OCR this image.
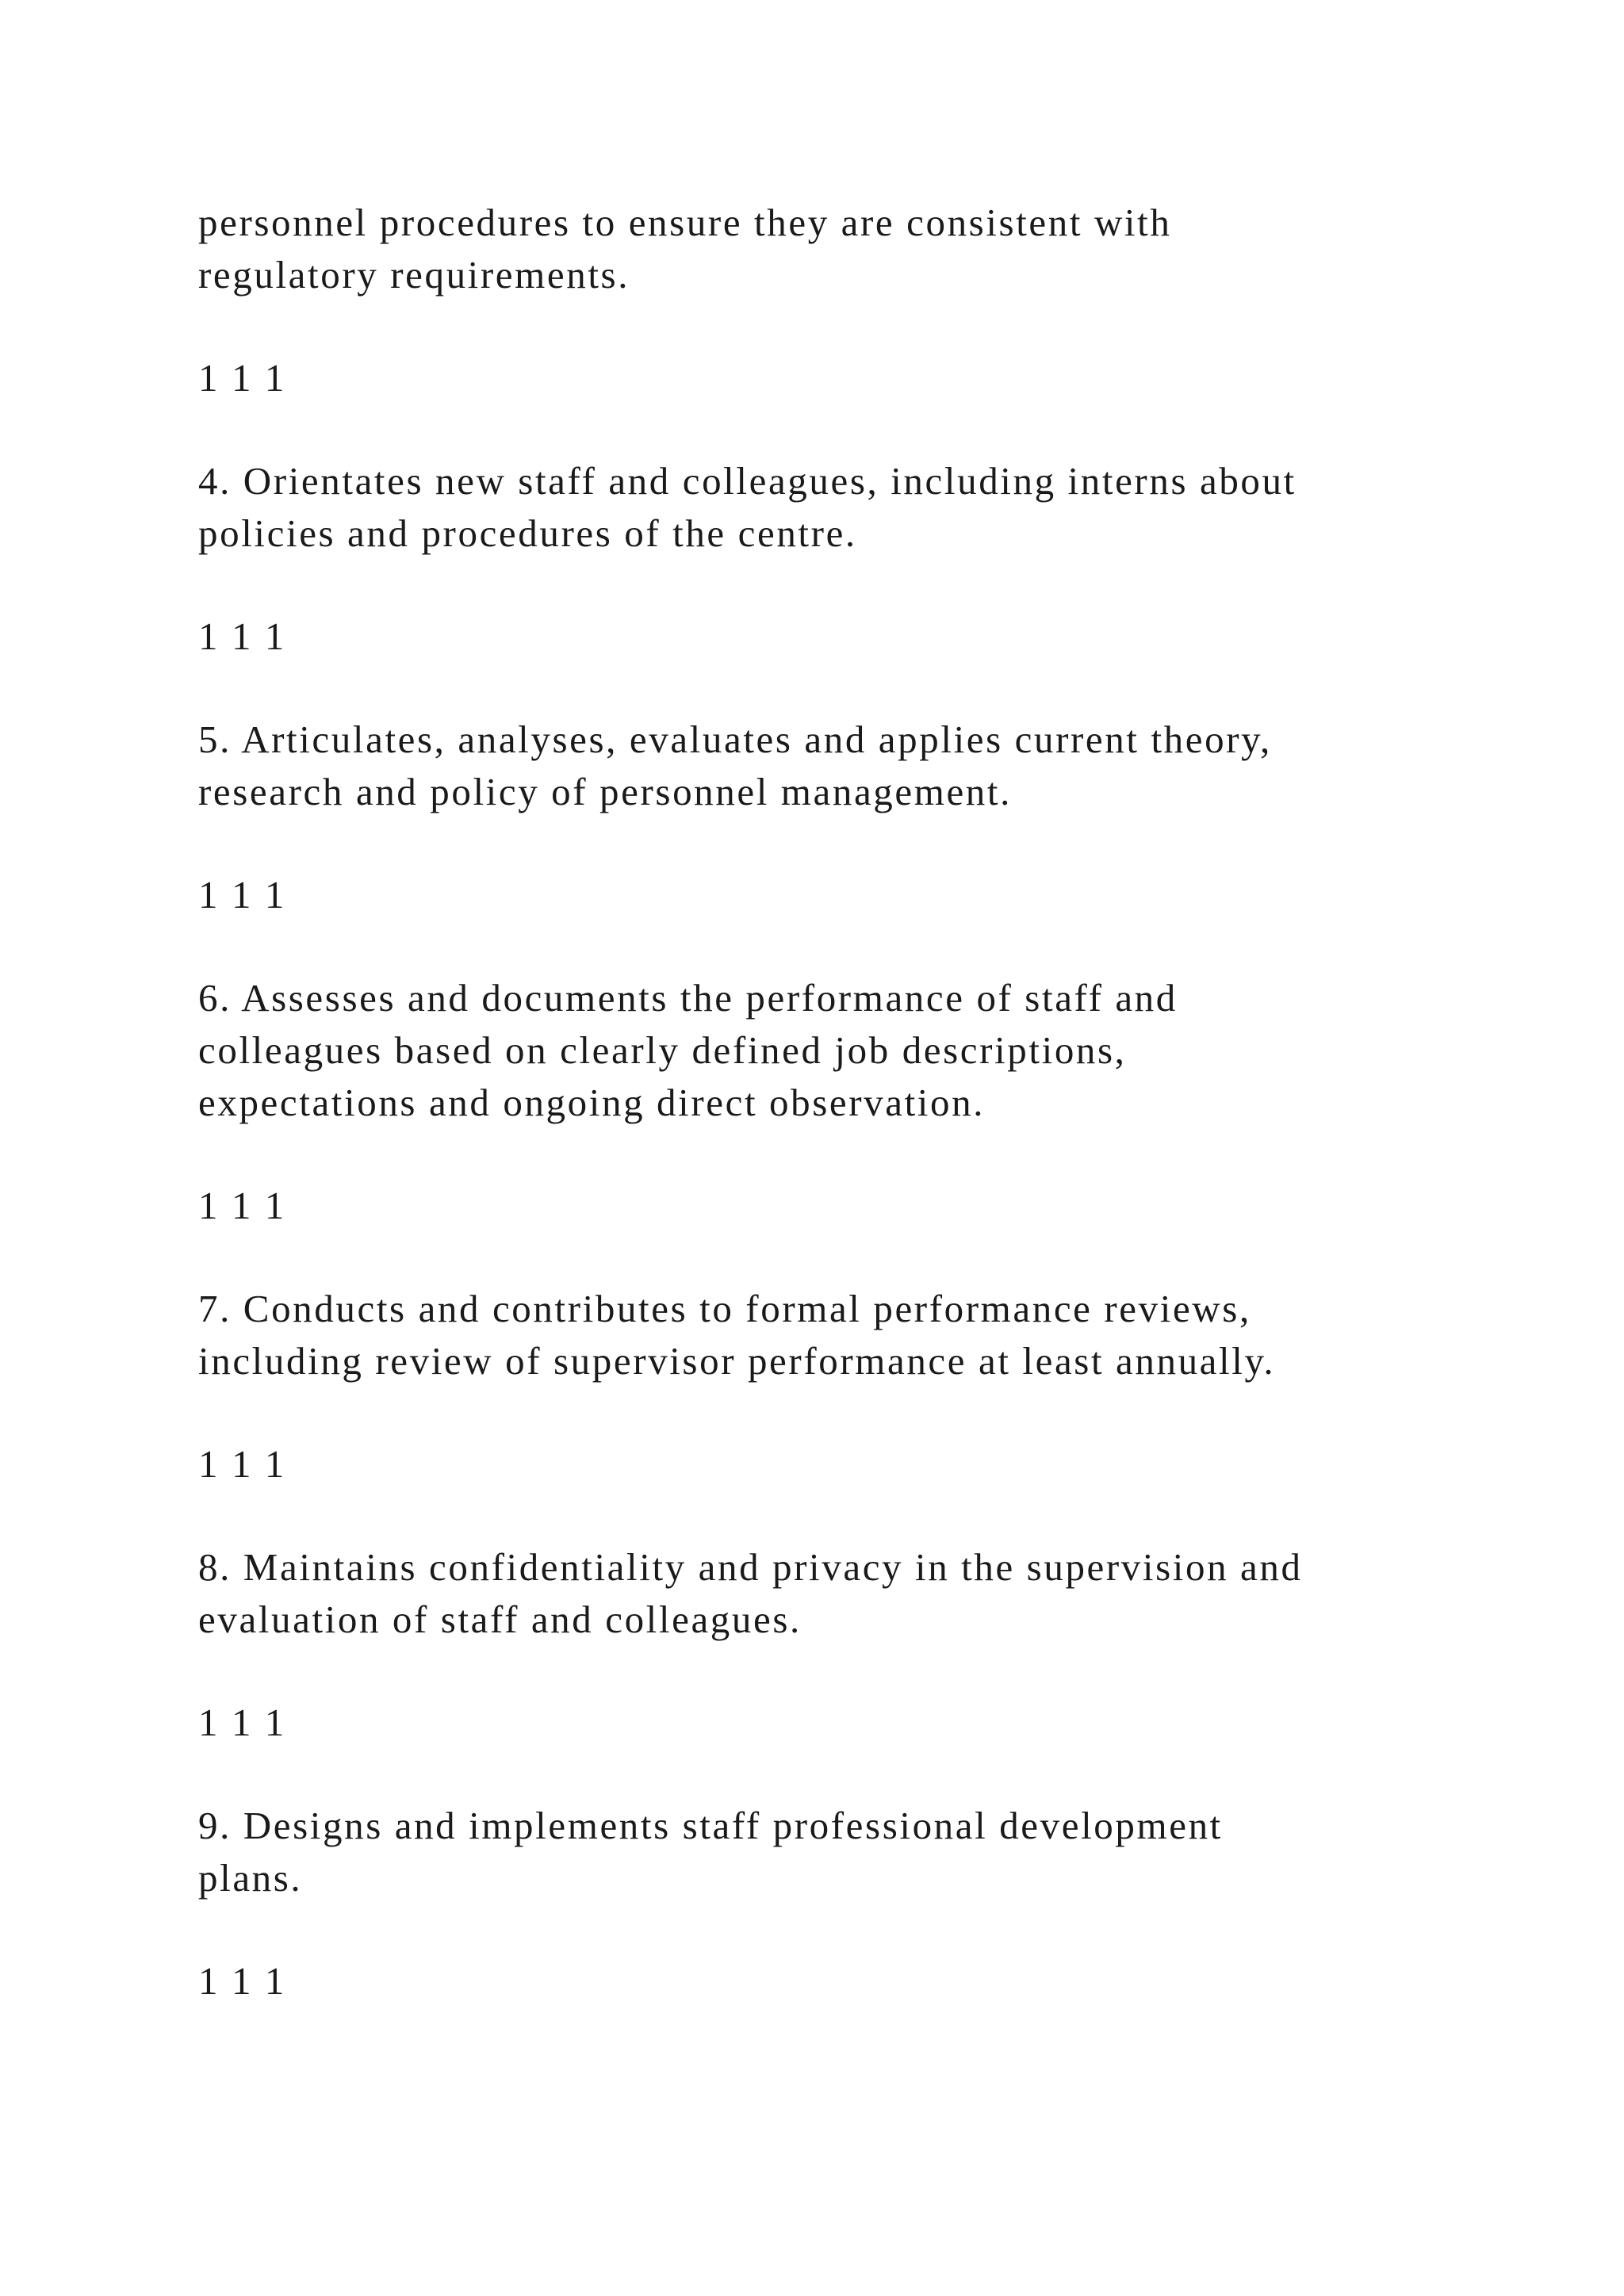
personnel procedures to ensure they are consistent with
regulatory requirements.

1 1 1

4. Orientates new staff and colleagues, including interns about
policies and procedures of the centre.

1 1 1

5. Articulates, analyses, evaluates and applies current theory,
research and policy of personnel management.

1 1 1

6. Assesses and documents the performance of staff and
colleagues based on clearly defined job descriptions,
expectations and ongoing direct observation.

1 1 1

7. Conducts and contributes to formal performance reviews,
including review of supervisor performance at least annually.

1 1 1

8. Maintains confidentiality and privacy in the supervision and
evaluation of staff and colleagues.

1 1 1

9. Designs and implements staff professional development
plans.

1 1 1
